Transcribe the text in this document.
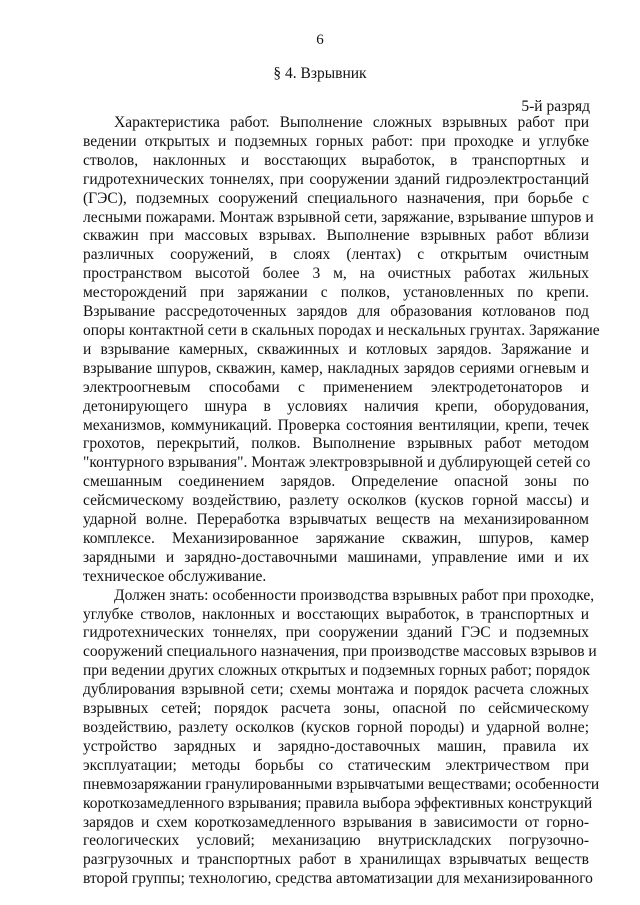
6
§ 4. Взрывник
5-й разряд

Характеристика работ. Выполнение сложных взрывных работ при
ведении открытых и подземных горных работ: при проходке и углубке
стволов, наклонных и восстающих выработок, в транспортных и
гидротехнических тоннелях, при сооружении зданий гидроэлектростанций
(ГЭС), подземных сооружений специального назначения, при борьбе с
лесными пожарами. Монтаж взрывной сети, заряжание, взрывание шпуров и
скважин при массовых взрывах. Выполнение взрывных работ вблизи
различных сооружений, в слоях (лентах) с открытым очистным
пространством высотой более 3 м, на очистных работах жильных
месторождений при заряжании с полков, установленных по крепи.
Взрывание рассредоточенных зарядов для образования котлованов под
опоры контактной сети в скальных породах и нескальных грунтах. Заряжание
и взрывание камерных, скважинных и котловых зарядов. Заряжание и
взрывание шпуров, скважин, камер, накладных зарядов сериями огневым и
электроогневым способами с применением электродетонаторов и
детонирующего шнура в условиях наличия крепи, оборудования,
механизмов, коммуникаций. Проверка состояния вентиляции, крепи, течек
грохотов, перекрытий, полков. Выполнение взрывных работ методом
"контурного взрывания". Монтаж электровзрывной и дублирующей сетей со
смешанным соединением зарядов. Определение опасной зоны по
сейсмическому воздействию, разлету осколков (кусков горной массы) и
ударной волне. Переработка взрывчатых веществ на механизированном
комплексе. Механизированное заряжание скважин, шпуров, камер
зарядными и зарядно-доставочными машинами, управление ими и их
техническое обслуживание.

Должен знать: особенности производства взрывных работ при проходке,
углубке стволов, наклонных и восстающих выработок, в транспортных и
гидротехнических тоннелях, при сооружении зданий ГЭС и подземных
сооружений специального назначения, при производстве массовых взрывов и
при ведении других сложных открытых и подземных горных работ; порядок
дублирования взрывной сети; схемы монтажа и порядок расчета сложных
взрывных сетей; порядок расчета зоны, опасной по сейсмическому
воздействию, разлету осколков (кусков горной породы) и ударной волне;
устройство зарядных и зарядно-доставочных машин, правила их
эксплуатации; методы борьбы со статическим электричеством при
пневмозаряжании гранулированными взрывчатыми веществами; особенности
короткозамедленного взрывания; правила выбора эффективных конструкций
зарядов и схем короткозамедленного взрывания в зависимости от горно-
геологических условий; механизацию внутрискладских погрузочно-
разгрузочных и транспортных работ в хранилищах взрывчатых веществ
второй группы; технологию, средства автоматизации для механизированного
